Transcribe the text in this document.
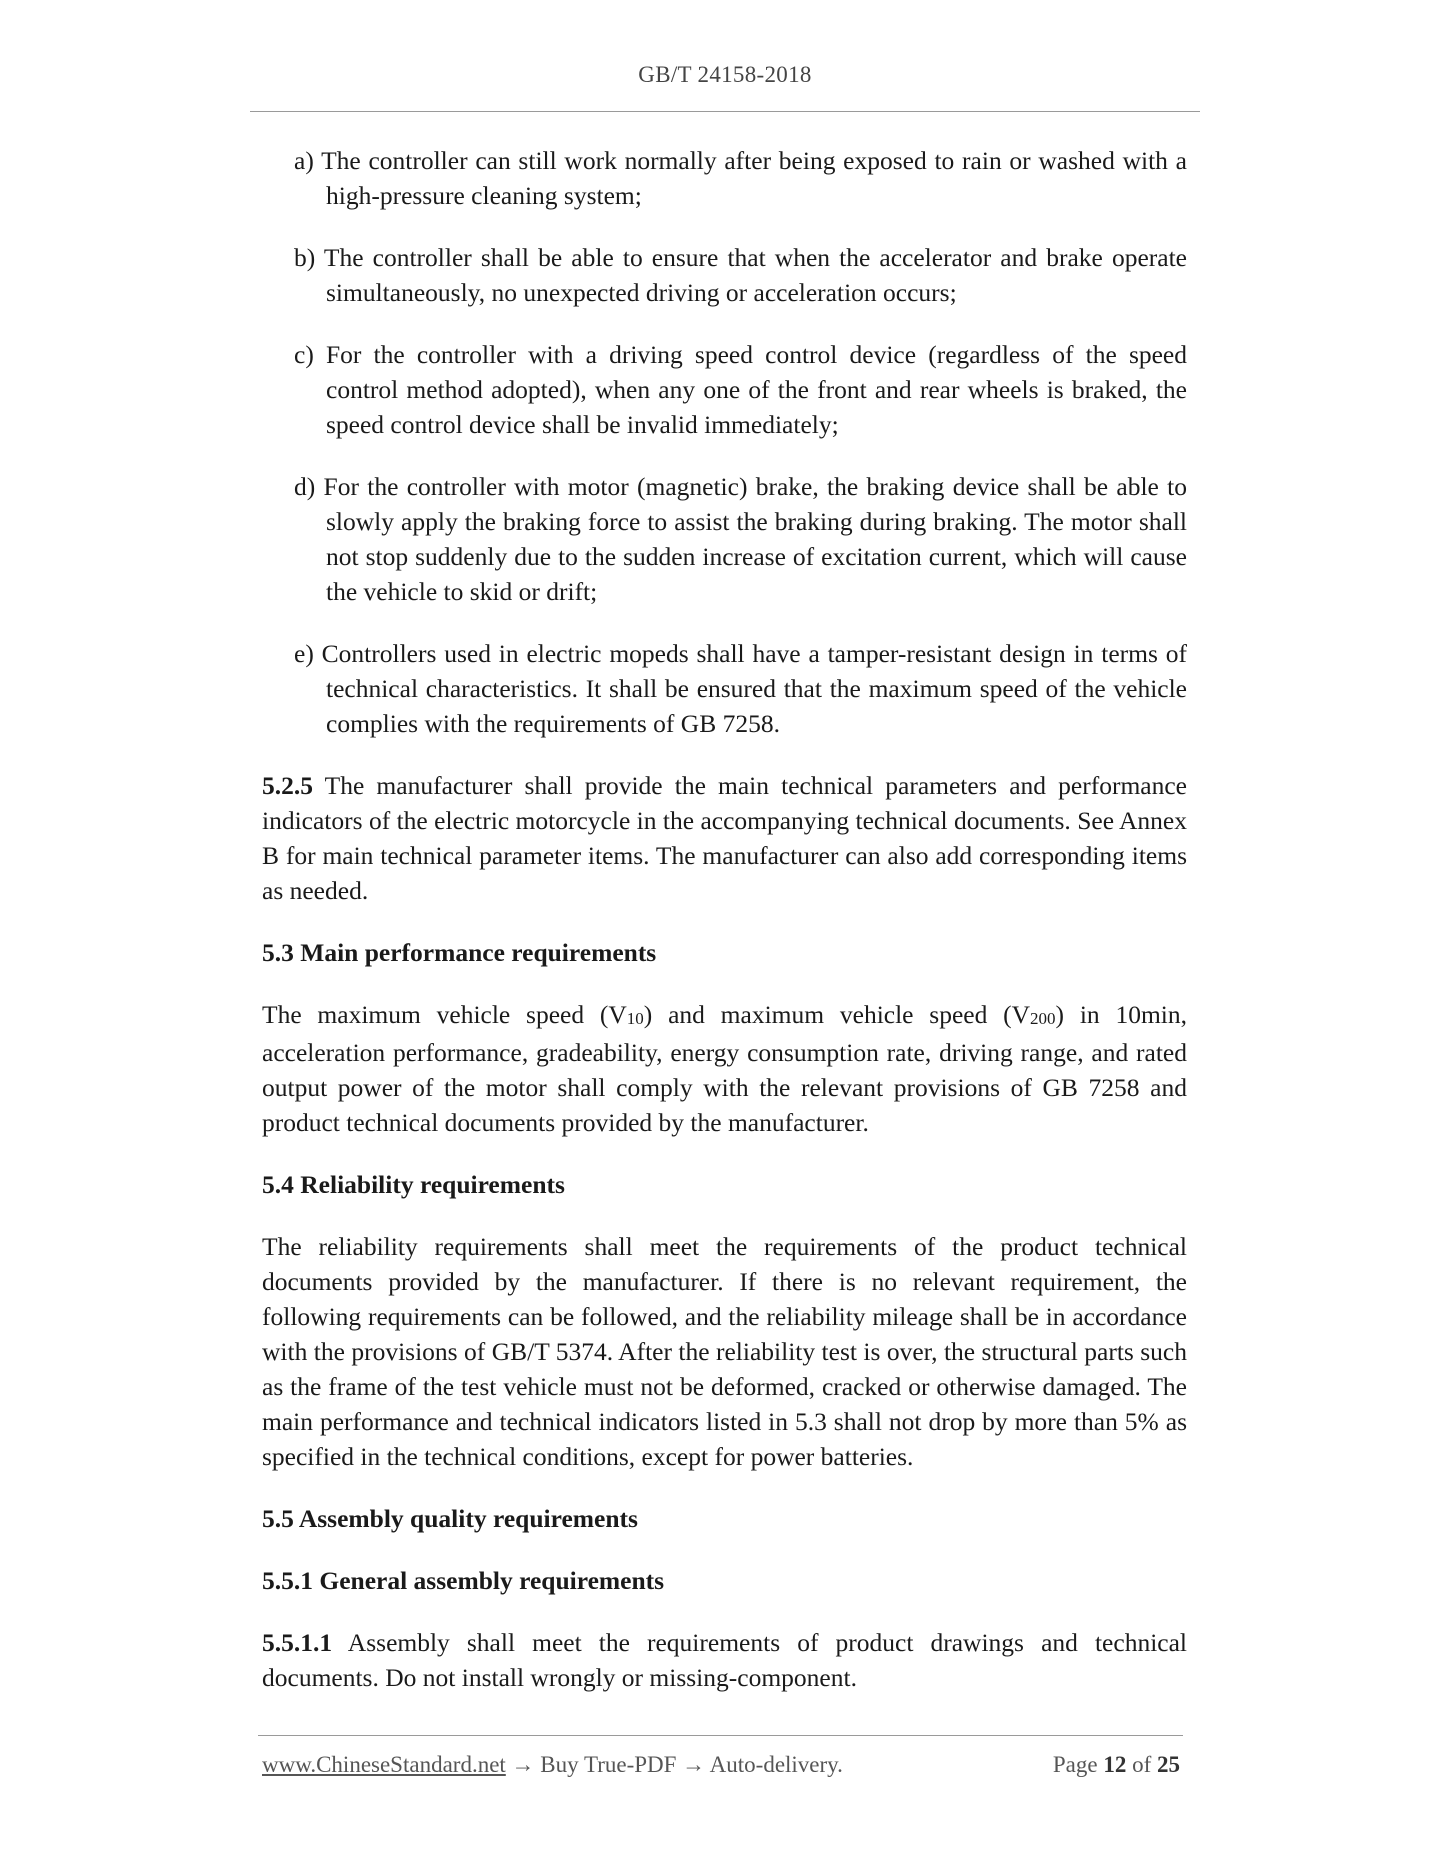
GB/T 24158-2018

a) The controller can still work normally after being exposed to rain or washed with a high-pressure cleaning system;

b) The controller shall be able to ensure that when the accelerator and brake operate simultaneously, no unexpected driving or acceleration occurs;

c) For the controller with a driving speed control device (regardless of the speed control method adopted), when any one of the front and rear wheels is braked, the speed control device shall be invalid immediately;

d) For the controller with motor (magnetic) brake, the braking device shall be able to slowly apply the braking force to assist the braking during braking. The motor shall not stop suddenly due to the sudden increase of excitation current, which will cause the vehicle to skid or drift;

e) Controllers used in electric mopeds shall have a tamper-resistant design in terms of technical characteristics. It shall be ensured that the maximum speed of the vehicle complies with the requirements of GB 7258.

5.2.5 The manufacturer shall provide the main technical parameters and performance indicators of the electric motorcycle in the accompanying technical documents. See Annex B for main technical parameter items. The manufacturer can also add corresponding items as needed.

5.3 Main performance requirements

The maximum vehicle speed $(V_{10})$ and maximum vehicle speed $(V_{200})$ in 10min, acceleration performance, gradeability, energy consumption rate, driving range, and rated output power of the motor shall comply with the relevant provisions of GB 7258 and product technical documents provided by the manufacturer.

5.4 Reliability requirements

The reliability requirements shall meet the requirements of the product technical documents provided by the manufacturer. If there is no relevant requirement, the following requirements can be followed, and the reliability mileage shall be in accordance with the provisions of GB/T 5374. After the reliability test is over, the structural parts such as the frame of the test vehicle must not be deformed, cracked or otherwise damaged. The main performance and technical indicators listed in 5.3 shall not drop by more than 5% as specified in the technical conditions, except for power batteries.

5.5 Assembly quality requirements
5.5.1 General assembly requirements

5.5.1.1 Assembly shall meet the requirements of product drawings and technical documents. Do not install wrongly or missing-component.

www.ChineseStandard.net → Buy True-PDF → Auto-delivery.	Page 12 of 25
